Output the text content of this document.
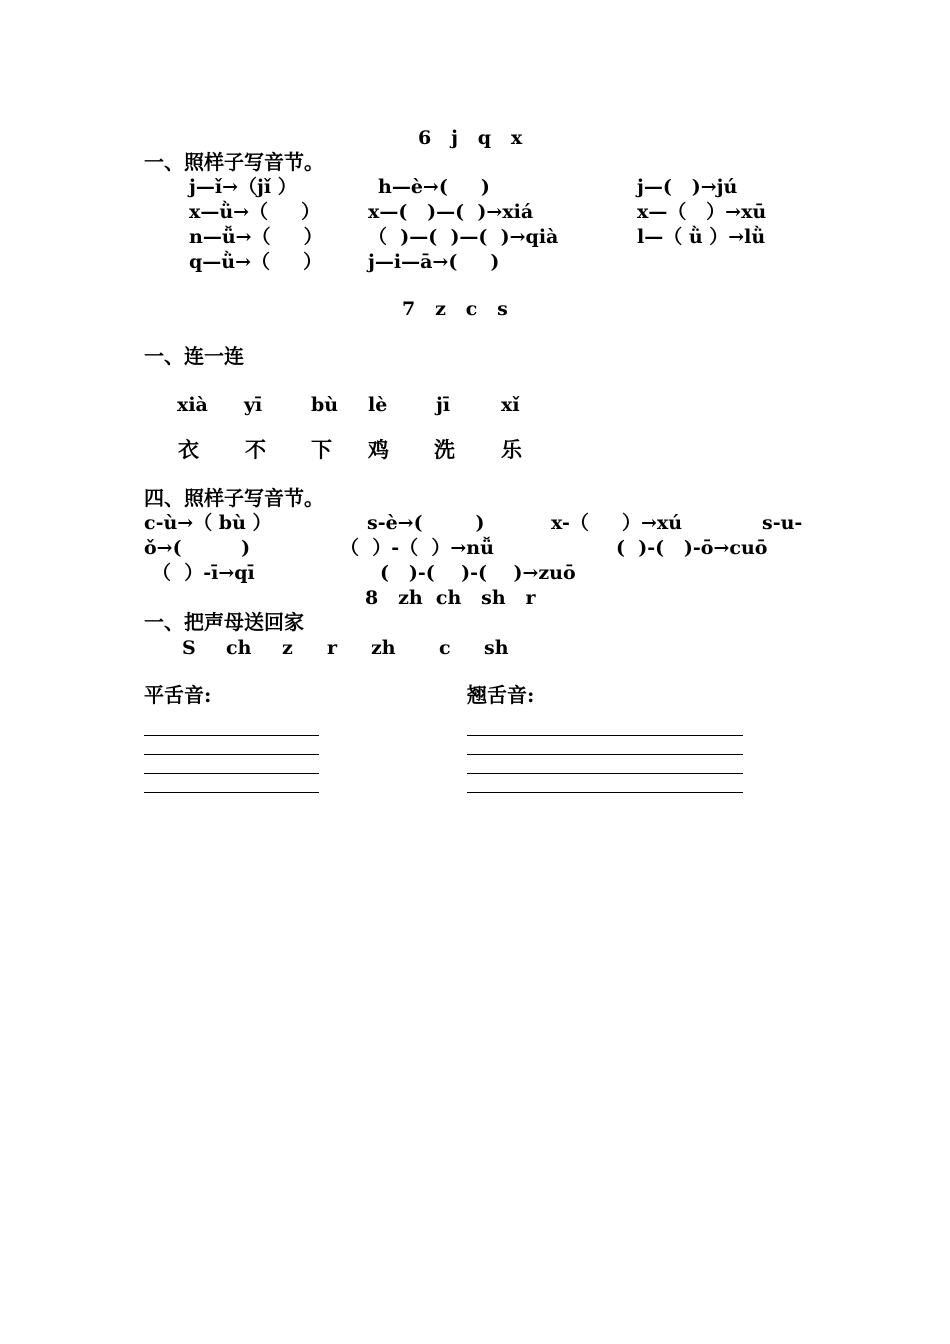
6   j   q   x
一、照样子写音节。
j—ǐ→（jǐ ）	h—è→(     )	j—(   )→jú
x—ǜ→（     ）	x—(   )—(  )→xiá	x—（   ）→xū
n—ǚ→（     ） （  )—(  )—(  )→qià	l—（ ǜ ）→lǜ
q—ǜ→（     ） j—i—ā→(     )
7   z   c   s
一、连一连
xià yī	bù lè	jī	xǐ
衣 不 下 鸡 洗 乐
四、照样子写音节。
c-ù→（ bù ）	s-è→(        )	x-（     ）→xú	s-u-
ǒ→(         )	（  ）-（  ）→nǚ	(  )-(   )-ō→cuō
（  ）-ī→qī	(   )-(    )-(    )→zuō
8   zh  ch   sh   r
一、把声母送回家
S ch z r zh c sh
平舌音:	翘舌音:
